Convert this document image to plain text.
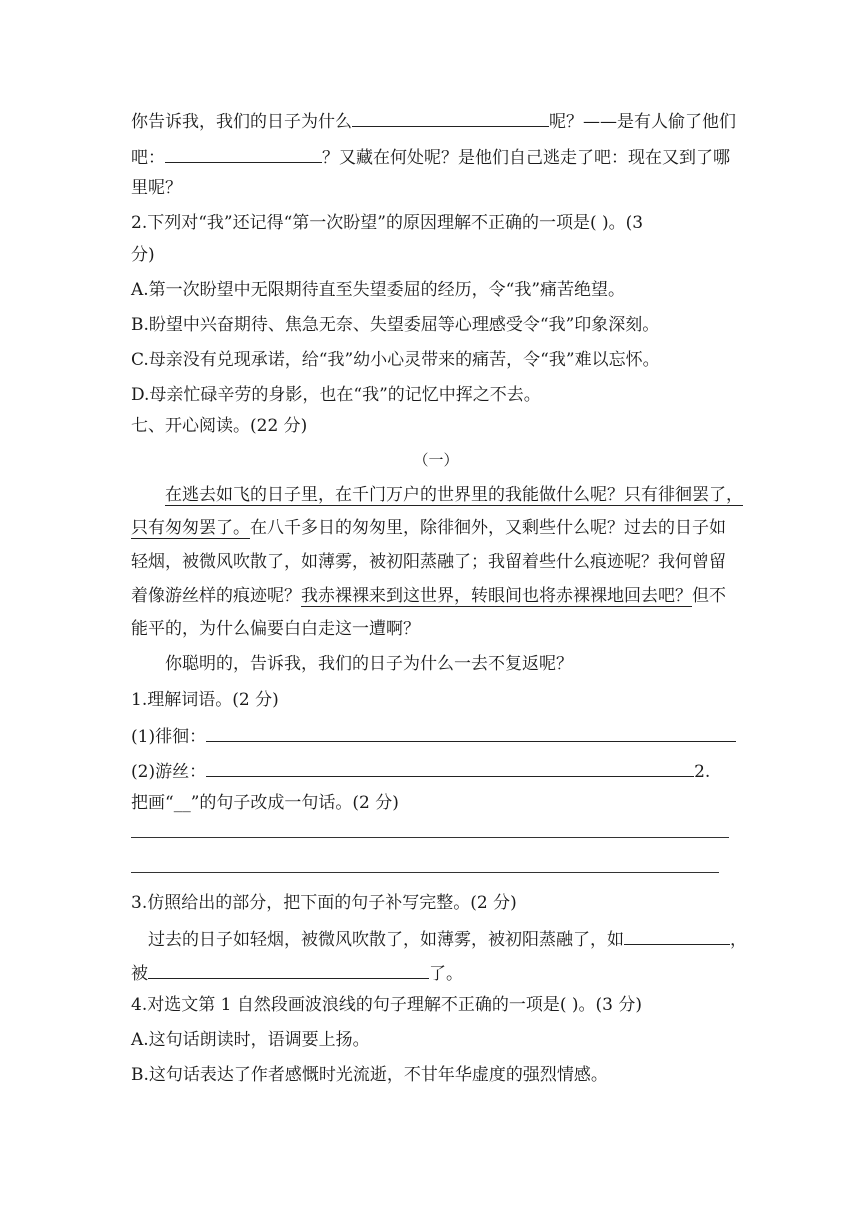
你告诉我，我们的日子为什么	呢？——是有人偷了他们
吧：	？又藏在何处呢？是他们自己逃走了吧：现在又到了哪
里呢？
2.下列对“我”还记得“第一次盼望”的原因理解不正确的一项是( )。(3
分)
A.第一次盼望中无限期待直至失望委屈的经历，令“我”痛苦绝望。
B.盼望中兴奋期待、焦急无奈、失望委屈等心理感受令“我”印象深刻。
C.母亲没有兑现承诺，给“我”幼小心灵带来的痛苦，令“我”难以忘怀。
D.母亲忙碌辛劳的身影，也在“我”的记忆中挥之不去。
七、开心阅读。(22 分)
（一）
在逃去如飞的日子里，在千门万户的世界里的我能做什么呢？只有徘徊罢了，
只有匆匆罢了。在八千多日的匆匆里，除徘徊外，又剩些什么呢？过去的日子如
轻烟，被微风吹散了，如薄雾，被初阳蒸融了；我留着些什么痕迹呢？我何曾留
着像游丝样的痕迹呢？我赤裸裸来到这世界，转眼间也将赤裸裸地回去吧？但不
能平的，为什么偏要白白走这一遭啊？
你聪明的，告诉我，我们的日子为什么一去不复返呢？
1.理解词语。(2 分)
(1)徘徊：
(2)游丝：	2.
把画“__”的句子改成一句话。(2 分)
3.仿照给出的部分，把下面的句子补写完整。(2 分)
过去的日子如轻烟，被微风吹散了，如薄雾，被初阳蒸融了，如	，
被	了。
4.对选文第 1 自然段画波浪线的句子理解不正确的一项是( )。(3 分)
A.这句话朗读时，语调要上扬。
B.这句话表达了作者感慨时光流逝，不甘年华虚度的强烈情感。
